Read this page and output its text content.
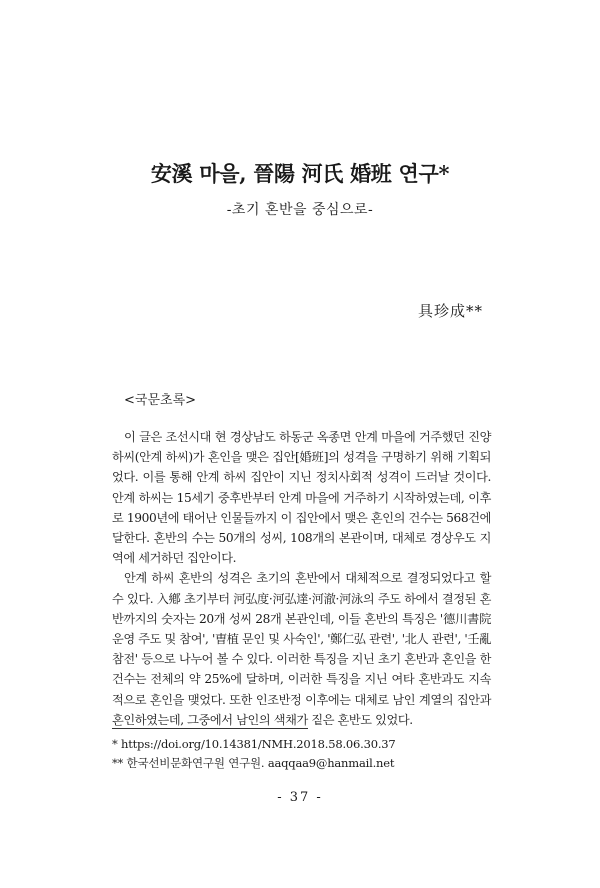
安溪 마을, 晉陽 河氏 婚班 연구*
-초기 혼반을 중심으로-
具珍成**
<국문초록>

이 글은 조선시대 현 경상남도 하동군 옥종면 안계 마을에 거주했던 진양 하씨(안계 하씨)가 혼인을 맺은 집안[婚班]의 성격을 구명하기 위해 기획되었다. 이를 통해 안계 하씨 집안이 지닌 정치사회적 성격이 드러날 것이다. 안계 하씨는 15세기 중후반부터 안계 마을에 거주하기 시작하였는데, 이후로 1900년에 태어난 인물들까지 이 집안에서 맺은 혼인의 건수는 568건에 달한다. 혼반의 수는 50개의 성씨, 108개의 본관이며, 대체로 경상우도 지역에 세거하던 집안이다.

안계 하씨 혼반의 성격은 초기의 혼반에서 대체적으로 결정되었다고 할 수 있다. 入鄕 초기부터 河弘度·河弘達·河澈·河泳의 주도 하에서 결정된 혼반까지의 숫자는 20개 성씨 28개 본관인데, 이들 혼반의 특징은 '德川書院 운영 주도 및 참여', '曺植 문인 및 사숙인', '鄭仁弘 관련', '北人 관련', '壬亂 참전' 등으로 나누어 볼 수 있다. 이러한 특징을 지닌 초기 혼반과 혼인을 한 건수는 전체의 약 25%에 달하며, 이러한 특징을 지닌 여타 혼반과도 지속적으로 혼인을 맺었다. 또한 인조반정 이후에는 대체로 남인 계열의 집안과 혼인하였는데, 그중에서 남인의 색채가 짙은 혼반도 있었다.

* https://doi.org/10.14381/NMH.2018.58.06.30.37
** 한국선비문화연구원 연구원. aaqqaa9@hanmail.net
- 37 -
